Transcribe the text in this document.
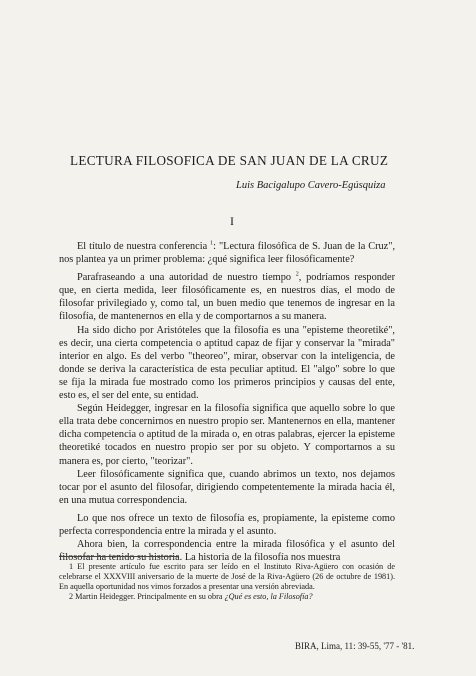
LECTURA FILOSOFICA DE SAN JUAN DE LA CRUZ
Luis Bacigalupo Cavero-Egúsquiza
I

El título de nuestra conferencia $^1$: "Lectura filosófica de S. Juan de la Cruz", nos plantea ya un primer problema: ¿qué significa leer filosóficamente?

Parafraseando a una autoridad de nuestro tiempo $^2$, podríamos responder que, en cierta medida, leer filosóficamente es, en nuestros días, el modo de filosofar privilegiado y, como tal, un buen medio que tenemos de ingresar en la filosofía, de mantenernos en ella y de comportarnos a su manera.

Ha sido dicho por Aristóteles que la filosofía es una "episteme theoretiké", es decir, una cierta competencia o aptitud capaz de fijar y conservar la "mirada" interior en algo. Es del verbo "theoreo", mirar, observar con la inteligencia, de donde se deriva la característica de esta peculiar aptitud. El "algo" sobre lo que se fija la mirada fue mostrado como los primeros principios y causas del ente, esto es, el ser del ente, su entidad.

Según Heidegger, ingresar en la filosofía significa que aquello sobre lo que ella trata debe concernirnos en nuestro propio ser. Mantenernos en ella, mantener dicha competencia o aptitud de la mirada o, en otras palabras, ejercer la episteme theoretiké tocados en nuestro propio ser por su objeto. Y comportarnos a su manera es, por cierto, "teorizar".

Leer filosóficamente significa que, cuando abrimos un texto, nos dejamos tocar por el asunto del filosofar, dirigiendo competentemente la mirada hacia él, en una mutua correspondencia.

Lo que nos ofrece un texto de filosofía es, propiamente, la episteme como perfecta correspondencia entre la mirada y el asunto.

Ahora bien, la correspondencia entre la mirada filosófica y el asunto del filosofar ha tenido su historia. La historia de la filosofía nos muestra

1 El presente artículo fue escrito para ser leído en el Instituto Riva-Agüero con ocasión de celebrarse el XXXVIII aniversario de la muerte de José de la Riva-Agüero (26 de octubre de 1981). En aquella oportunidad nos vimos forzados a presentar una versión abreviada.

2 Martin Heidegger. Principalmente en su obra ¿Qué es esto, la Filosofía?

BIRA, Lima, 11: 39-55, '77 - '81.
